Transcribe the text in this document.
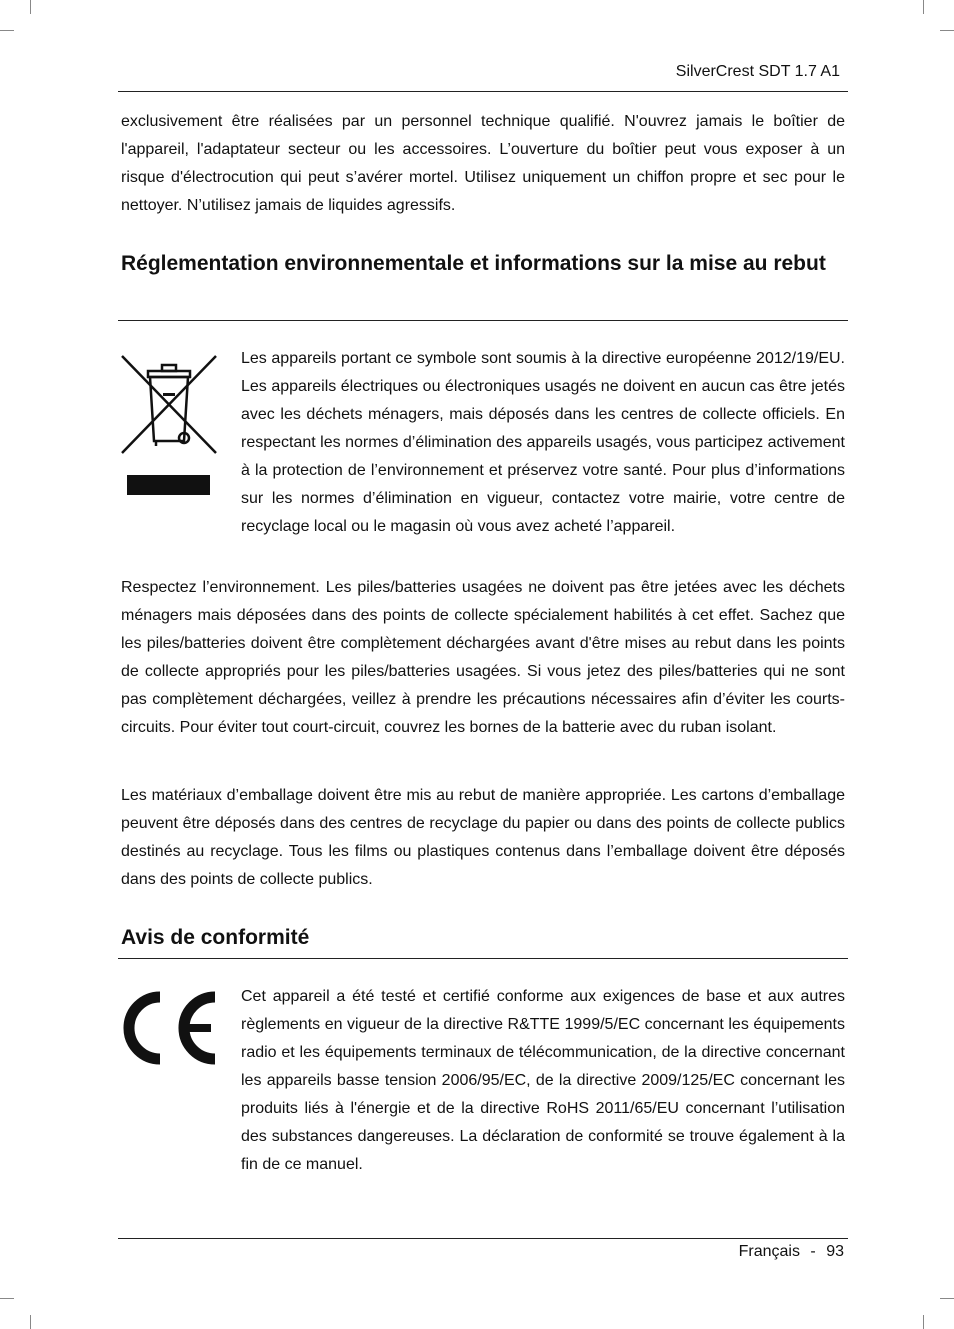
SilverCrest SDT 1.7 A1

exclusivement être réalisées par un personnel technique qualifié. N'ouvrez jamais le boîtier de l'appareil, l'adaptateur secteur ou les accessoires. L’ouverture du boîtier peut vous exposer à un risque d'électrocution qui peut s’avérer mortel. Utilisez uniquement un chiffon propre et sec pour le nettoyer. N’utilisez jamais de liquides agressifs.

Réglementation environnementale et informations sur la mise au rebut

Les appareils portant ce symbole sont soumis à la directive européenne 2012/19/EU. Les appareils électriques ou électroniques usagés ne doivent en aucun cas être jetés avec les déchets ménagers, mais déposés dans les centres de collecte officiels. En respectant les normes d’élimination des appareils usagés, vous participez activement à la protection de l’environnement et préservez votre santé. Pour plus d’informations sur les normes d’élimination en vigueur, contactez votre mairie, votre centre de recyclage local ou le magasin où vous avez acheté l’appareil.

Respectez l’environnement. Les piles/batteries usagées ne doivent pas être jetées avec les déchets ménagers mais déposées dans des points de collecte spécialement habilités à cet effet. Sachez que les piles/batteries doivent être complètement déchargées avant d'être mises au rebut dans les points de collecte appropriés pour les piles/batteries usagées. Si vous jetez des piles/batteries qui ne sont pas complètement déchargées, veillez à prendre les précautions nécessaires afin d’éviter les courts-circuits. Pour éviter tout court-circuit, couvrez les bornes de la batterie avec du ruban isolant.

Les matériaux d’emballage doivent être mis au rebut de manière appropriée. Les cartons d’emballage peuvent être déposés dans des centres de recyclage du papier ou dans des points de collecte publics destinés au recyclage. Tous les films ou plastiques contenus dans l’emballage doivent être déposés dans des points de collecte publics.

Avis de conformité

Cet appareil a été testé et certifié conforme aux exigences de base et aux autres règlements en vigueur de la directive R&TTE 1999/5/EC concernant les équipements radio et les équipements terminaux de télécommunication, de la directive concernant les appareils basse tension 2006/95/EC, de la directive 2009/125/EC concernant les produits liés à l'énergie et de la directive RoHS 2011/65/EU concernant l’utilisation des substances dangereuses. La déclaration de conformité se trouve également à la fin de ce manuel.

Français - 93
